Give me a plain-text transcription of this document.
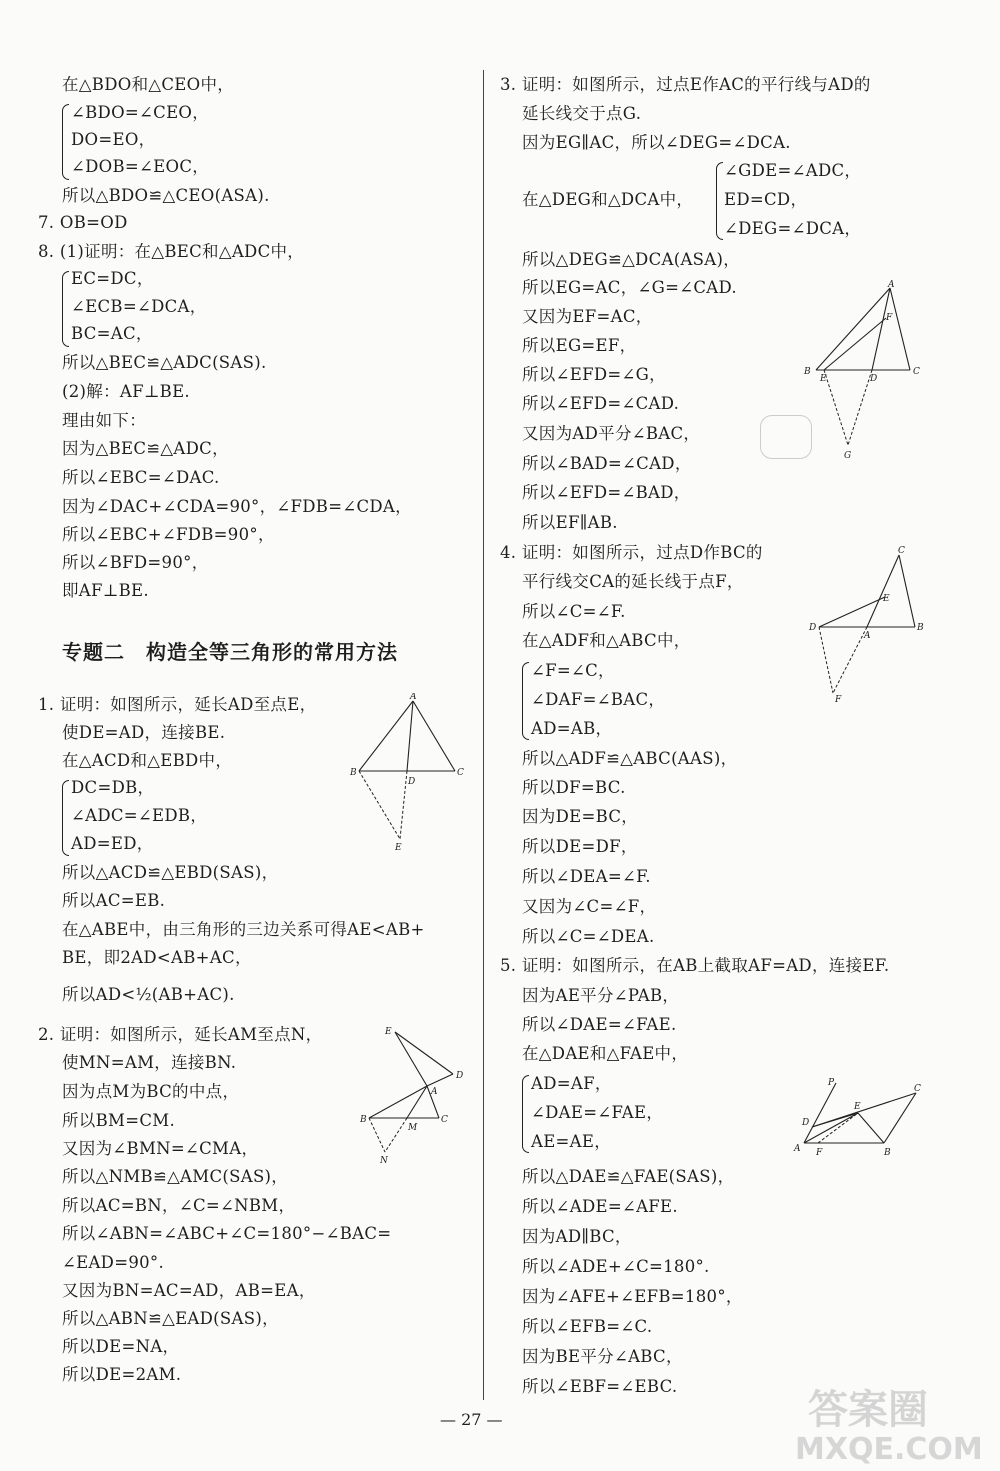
在△BDO和△CEO中，
∠BDO=∠CEO，
DO=EO，
∠DOB=∠EOC，
所以△BDO≌△CEO(ASA).
7. OB=OD
8. (1)证明：在△BEC和△ADC中，
EC=DC，
∠ECB=∠DCA，
BC=AC，
所以△BEC≌△ADC(SAS).
(2)解：AF⊥BE.
理由如下：
因为△BEC≌△ADC，
所以∠EBC=∠DAC.
因为∠DAC+∠CDA=90°，∠FDB=∠CDA，
所以∠EBC+∠FDB=90°，
所以∠BFD=90°，
即AF⊥BE.
专题二　构造全等三角形的常用方法
1. 证明：如图所示，延长AD至点E，
使DE=AD，连接BE.
在△ACD和△EBD中，
DC=DB，
∠ADC=∠EDB，
AD=ED，
所以△ACD≌△EBD(SAS)，
所以AC=EB.
在△ABE中，由三角形的三边关系可得AE<AB+
BE，即2AD<AB+AC，
所以AD<½(AB+AC).
2. 证明：如图所示，延长AM至点N，
使MN=AM，连接BN.
因为点M为BC的中点，
所以BM=CM.
又因为∠BMN=∠CMA，
所以△NMB≌△AMC(SAS)，
所以AC=BN，∠C=∠NBM，
所以∠ABN=∠ABC+∠C=180°−∠BAC=
∠EAD=90°.
又因为BN=AC=AD，AB=EA，
所以△ABN≌△EAD(SAS)，
所以DE=NA，
所以DE=2AM.
3. 证明：如图所示，过点E作AC的平行线与AD的
延长线交于点G.
因为EG∥AC，所以∠DEG=∠DCA.
∠GDE=∠ADC，
在△DEG和△DCA中， ED=CD，
∠DEG=∠DCA，
所以△DEG≌△DCA(ASA)，
所以EG=AC，∠G=∠CAD.
又因为EF=AC，
所以EG=EF，
所以∠EFD=∠G，
所以∠EFD=∠CAD.
又因为AD平分∠BAC，
所以∠BAD=∠CAD，
所以∠EFD=∠BAD，
所以EF∥AB.
4. 证明：如图所示，过点D作BC的
平行线交CA的延长线于点F，
所以∠C=∠F.
在△ADF和△ABC中，
∠F=∠C，
∠DAF=∠BAC，
AD=AB，
所以△ADF≌△ABC(AAS)，
所以DF=BC.
因为DE=BC，
所以DE=DF，
所以∠DEA=∠F.
又因为∠C=∠F，
所以∠C=∠DEA.
5. 证明：如图所示，在AB上截取AF=AD，连接EF.
因为AE平分∠PAB，
所以∠DAE=∠FAE.
在△DAE和△FAE中，
AD=AF，
∠DAE=∠FAE，
AE=AE，
所以△DAE≌△FAE(SAS)，
所以∠ADE=∠AFE.
因为AD∥BC，
所以∠ADE+∠C=180°.
因为∠AFE+∠EFB=180°，
所以∠EFB=∠C.
因为BE平分∠ABC，
所以∠EBF=∠EBC.
A
B
D
C
E
E
D
A
B
M
C
N
A
F
B
E	D
C
G
C
E
D
A
B
F
P
C
E
D
A F	B
— 27 —	答案圈
MXQE.COM
